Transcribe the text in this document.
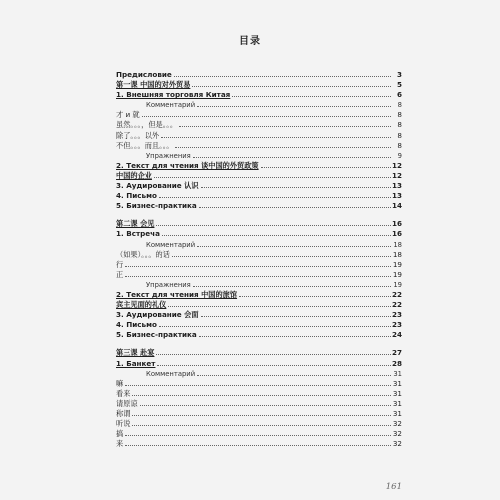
目录
Предисловие	3
第一课 中国的对外贸易	5
1. Внешняя торговля Китая	6
Комментарий	8
才 и 就	8
虽然。。。，但是。。。	8
除了。。。以外	8
不但。。。而且。。。	8
Упражнения	9
2. Текст для чтения 谈中国的外贸政策	12
中国的企业	12
3. Аудирование 认识	13
4. Письмо	13
5. Бизнес-практика	14
第二课 会见	16
1. Встреча	16
Комментарий	18
（如果）。。。的话	18
行	19
正	19
Упражнения	19
2. Текст для чтения 中国的旅馆	22
宾主见面的礼仪	22
3. Аудирование 会面	23
4. Письмо	23
5. Бизнес-практика	24
第三课 赴宴	27
1. Банкет	28
Комментарий	31
嘛	31
看来	31
请原谅	31
称谓	31
听说	32
搞	32
来	32
161
